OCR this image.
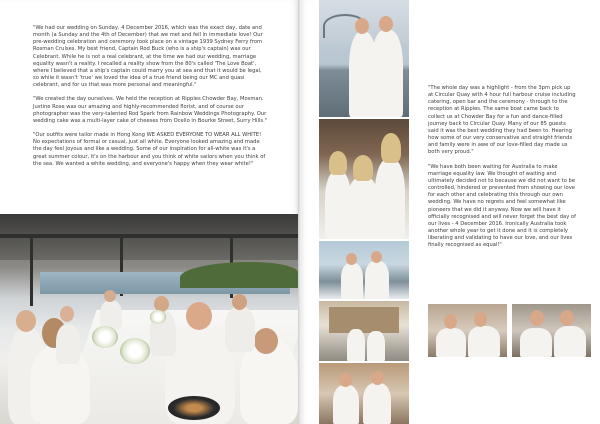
"We had our wedding on Sunday, 4 December 2016, which was the exact day, date and month (a Sunday and the 4th of December) that we met and fell in immediate love! Our pre-wedding celebration and ceremony took place on a vintage 1939 Sydney Ferry from Rosman Cruises. My best friend, Captain Rod Buck (who is a ship's captain) was our Celebrant. While he is not a real celebrant, at the time we had our wedding, marriage equality wasn't a reality. I recalled a reality show from the 80's called 'The Love Boat', where I believed that a ship's captain could marry you at sea and that it would be legal, so while it wasn't 'true' we loved the idea of a true friend being our MC and quasi celebrant, and for us that was more personal and meaningful."

"We created the day ourselves. We held the reception at Ripples Chowder Bay, Mosman. Justine Rose was our amazing and highly-recommended florist, and of course our photographer was the very-talented Rod Spark from Rainbow Weddings Photography. Our wedding cake was a multi-layer cake of cheeses from Ocello in Bourke Street, Surry Hills."

"Our outfits were tailor made in Hong Kong WE ASKED EVERYONE TO WEAR ALL WHITE! No expectations of formal or casual, just all white. Everyone looked amazing and made the day feel joyous and like a wedding. Some of our inspiration for all-white was it's a great summer colour, it's on the harbour and you think of white sailors when you think of the sea. We wanted a white wedding, and everyone's happy when they wear white!"

"The whole day was a highlight - from the 3pm pick up at Circular Quay with 4 hour full harbour cruise including catering, open bar and the ceremony - through to the reception at Ripples. The same boat came back to collect us at Chowder Bay for a fun and dance-filled journey back to Circular Quay. Many of our 85 guests said it was the best wedding they had been to. Hearing how some of our very conservative and straight friends and family were in awe of our love-filled day made us both very proud."

"We have both been waiting for Australia to make marriage equality law. We thought of waiting and ultimately decided not to because we did not want to be controlled, hindered or prevented from showing our love for each other and celebrating this through our own wedding. We have no regrets and feel somewhat like pioneers that we did it anyway. Now we will have it officially recognised and will never forget the best day of our lives - 4 December 2016. Ironically Australia took another whole year to get it done and it is completely liberating and validating to have our love, and our lives finally recognised as equal!"
